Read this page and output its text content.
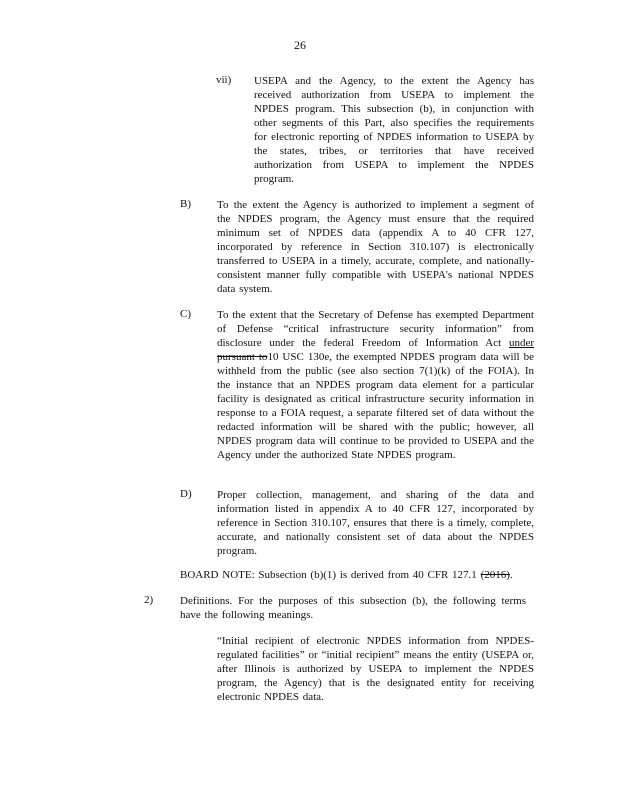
26
vii) USEPA and the Agency, to the extent the Agency has received authorization from USEPA to implement the NPDES program. This subsection (b), in conjunction with other segments of this Part, also specifies the requirements for electronic reporting of NPDES information to USEPA by the states, tribes, or territories that have received authorization from USEPA to implement the NPDES program.
B) To the extent the Agency is authorized to implement a segment of the NPDES program, the Agency must ensure that the required minimum set of NPDES data (appendix A to 40 CFR 127, incorporated by reference in Section 310.107) is electronically transferred to USEPA in a timely, accurate, complete, and nationally-consistent manner fully compatible with USEPA's national NPDES data system.
C) To the extent that the Secretary of Defense has exempted Department of Defense “critical infrastructure security information” from disclosure under the federal Freedom of Information Act under pursuant to10 USC 130e, the exempted NPDES program data will be withheld from the public (see also section 7(1)(k) of the FOIA). In the instance that an NPDES program data element for a particular facility is designated as critical infrastructure security information in response to a FOIA request, a separate filtered set of data without the redacted information will be shared with the public; however, all NPDES program data will continue to be provided to USEPA and the Agency under the authorized State NPDES program.
D) Proper collection, management, and sharing of the data and information listed in appendix A to 40 CFR 127, incorporated by reference in Section 310.107, ensures that there is a timely, complete, accurate, and nationally consistent set of data about the NPDES program.
BOARD NOTE: Subsection (b)(1) is derived from 40 CFR 127.1 (2016).
2) Definitions. For the purposes of this subsection (b), the following terms have the following meanings.
“Initial recipient of electronic NPDES information from NPDES-regulated facilities” or “initial recipient” means the entity (USEPA or, after Illinois is authorized by USEPA to implement the NPDES program, the Agency) that is the designated entity for receiving electronic NPDES data.
